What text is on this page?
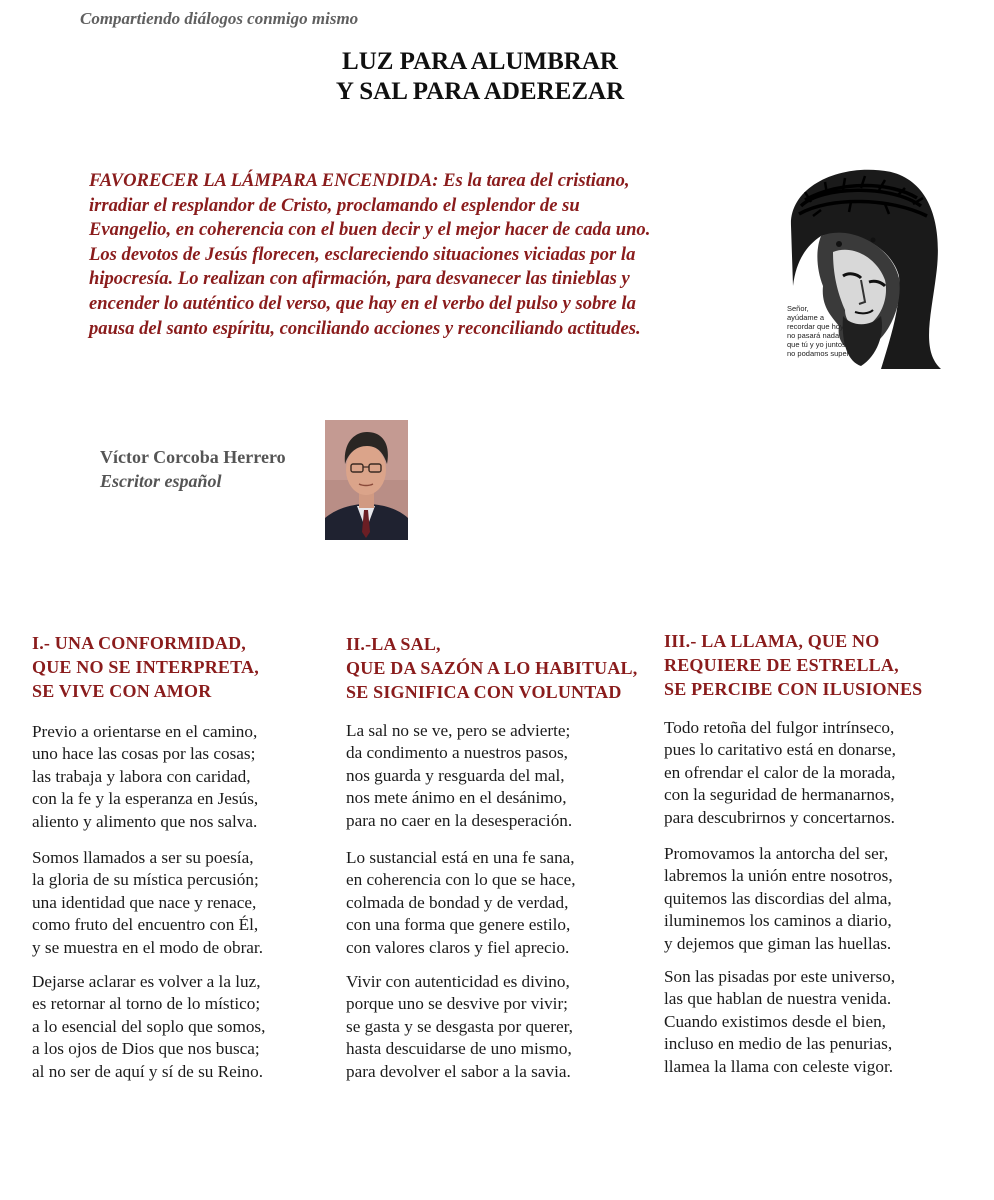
Compartiendo diálogos conmigo mismo
LUZ PARA ALUMBRAR
Y SAL PARA ADEREZAR
FAVORECER LA LÁMPARA ENCENDIDA: Es la tarea del cristiano,
irradiar el resplandor de Cristo, proclamando el esplendor de su
Evangelio, en coherencia con el buen decir y el mejor hacer de cada uno.
Los devotos de Jesús florecen, esclareciendo situaciones viciadas por la
hipocresía. Lo realizan con afirmación, para desvanecer las tinieblas y
encender lo auténtico del verso, que hay en el verbo del pulso y sobre la
pausa del santo espíritu, conciliando acciones y reconciliando actitudes.
Señor,
ayúdame a
recordar que hoy
no pasará nada
que tú y yo juntos
no podamos superar
Víctor Corcoba Herrero
Escritor español
I.- UNA CONFORMIDAD,
QUE NO SE INTERPRETA,
SE VIVE CON AMOR
Previo a orientarse en el camino,
uno hace las cosas por las cosas;
las trabaja y labora con caridad,
con la fe y la esperanza en Jesús,
aliento y alimento que nos salva.
Somos llamados a ser su poesía,
la gloria de su mística percusión;
una identidad que nace y renace,
como fruto del encuentro con Él,
y se muestra en el modo de obrar.
Dejarse aclarar es volver a la luz,
es retornar al torno de lo místico;
a lo esencial del soplo que somos,
a los ojos de Dios que nos busca;
al no ser de aquí y sí de su Reino.
II.-LA SAL,
QUE DA SAZÓN A LO HABITUAL,
SE SIGNIFICA CON VOLUNTAD
La sal no se ve, pero se advierte;
da condimento a nuestros pasos,
nos guarda y resguarda del mal,
nos mete ánimo en el desánimo,
para no caer en la desesperación.
Lo sustancial está en una fe sana,
en coherencia con lo que se hace,
colmada de bondad y de verdad,
con una forma que genere estilo,
con valores claros y fiel aprecio.
Vivir con autenticidad es divino,
porque uno se desvive por vivir;
se gasta y se desgasta por querer,
hasta descuidarse de uno mismo,
para devolver el sabor a la savia.
III.- LA LLAMA, QUE NO
REQUIERE DE ESTRELLA,
SE PERCIBE CON ILUSIONES
Todo retoña del fulgor intrínseco,
pues lo caritativo está en donarse,
en ofrendar el calor de la morada,
con la seguridad de hermanarnos,
para descubrirnos y concertarnos.
Promovamos la antorcha del ser,
labremos la unión entre nosotros,
quitemos las discordias del alma,
iluminemos los caminos a diario,
y dejemos que giman las huellas.
Son las pisadas por este universo,
las que hablan de nuestra venida.
Cuando existimos desde el bien,
incluso en medio de las penurias,
llamea la llama con celeste vigor.
